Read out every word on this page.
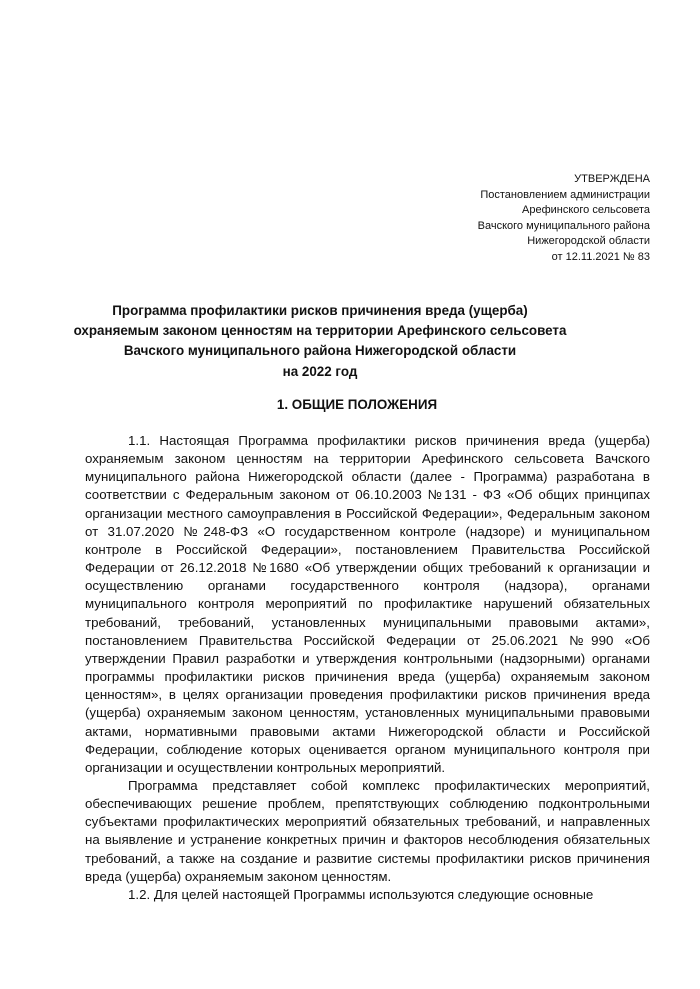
УТВЕРЖДЕНА
Постановлением администрации
Арефинского сельсовета
Вачского муниципального района
Нижегородской области
от 12.11.2021 № 83
Программа профилактики рисков причинения вреда (ущерба)
охраняемым законом ценностям на территории Арефинского сельсовета
Вачского муниципального района Нижегородской области
на 2022 год
1. ОБЩИЕ ПОЛОЖЕНИЯ

1.1. Настоящая Программа профилактики рисков причинения вреда (ущерба) охраняемым законом ценностям на территории Арефинского сельсовета Вачского муниципального района Нижегородской области (далее - Программа) разработана в соответствии с Федеральным законом от 06.10.2003 №131 - ФЗ «Об общих принципах организации местного самоуправления в Российской Федерации», Федеральным законом от 31.07.2020 №248-ФЗ «О государственном контроле (надзоре) и муниципальном контроле в Российской Федерации», постановлением Правительства Российской Федерации от 26.12.2018 №1680 «Об утверждении общих требований к организации и осуществлению органами государственного контроля (надзора), органами муниципального контроля мероприятий по профилактике нарушений обязательных требований, требований, установленных муниципальными правовыми актами», постановлением Правительства Российской Федерации от 25.06.2021 №990 «Об утверждении Правил разработки и утверждения контрольными (надзорными) органами программы профилактики рисков причинения вреда (ущерба) охраняемым законом ценностям», в целях организации проведения профилактики рисков причинения вреда (ущерба) охраняемым законом ценностям, установленных муниципальными правовыми актами, нормативными правовыми актами Нижегородской области и Российской Федерации, соблюдение которых оценивается органом муниципального контроля при организации и осуществлении контрольных мероприятий.

Программа представляет собой комплекс профилактических мероприятий, обеспечивающих решение проблем, препятствующих соблюдению подконтрольными субъектами профилактических мероприятий обязательных требований, и направленных на выявление и устранение конкретных причин и факторов несоблюдения обязательных требований, а также на создание и развитие системы профилактики рисков причинения вреда (ущерба) охраняемым законом ценностям.

1.2. Для целей настоящей Программы используются следующие основные
